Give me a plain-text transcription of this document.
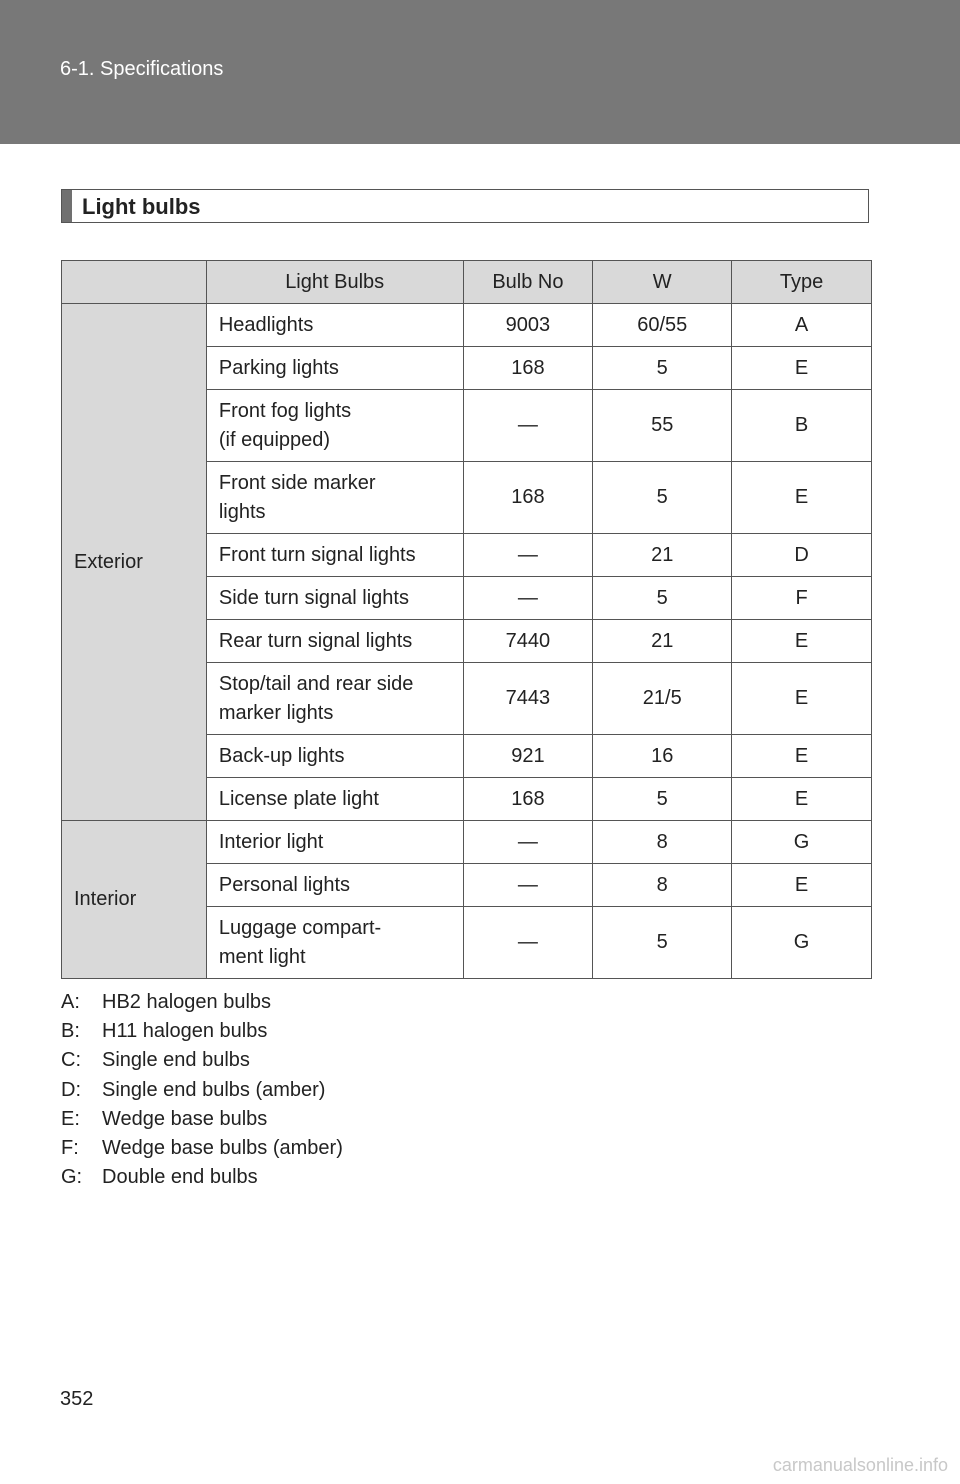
6-1. Specifications
Light bulbs
	Light Bulbs	Bulb No	W	Type
Exterior	Headlights	9003	60/55	A

	Parking lights	168	5	E

	Front fog lights
(if equipped)	—	55	B

	Front side marker
lights	168	5	E

	Front turn signal lights	—	21	D

	Side turn signal lights	—	5	F

	Rear turn signal lights	7440	21	E

	Stop/tail and rear side
marker lights	7443	21/5	E

	Back-up lights	921	16	E

	License plate light	168	5	E
Interior	Interior light	—	8	G

	Personal lights	—	8	E

	Luggage compart-
ment light	—	5	G
A:	HB2 halogen bulbs
B:	H11 halogen bulbs
C:	Single end bulbs
D:	Single end bulbs (amber)
E:	Wedge base bulbs
F:	Wedge base bulbs (amber)
G: Double end bulbs
352
carmanualsonline.info
